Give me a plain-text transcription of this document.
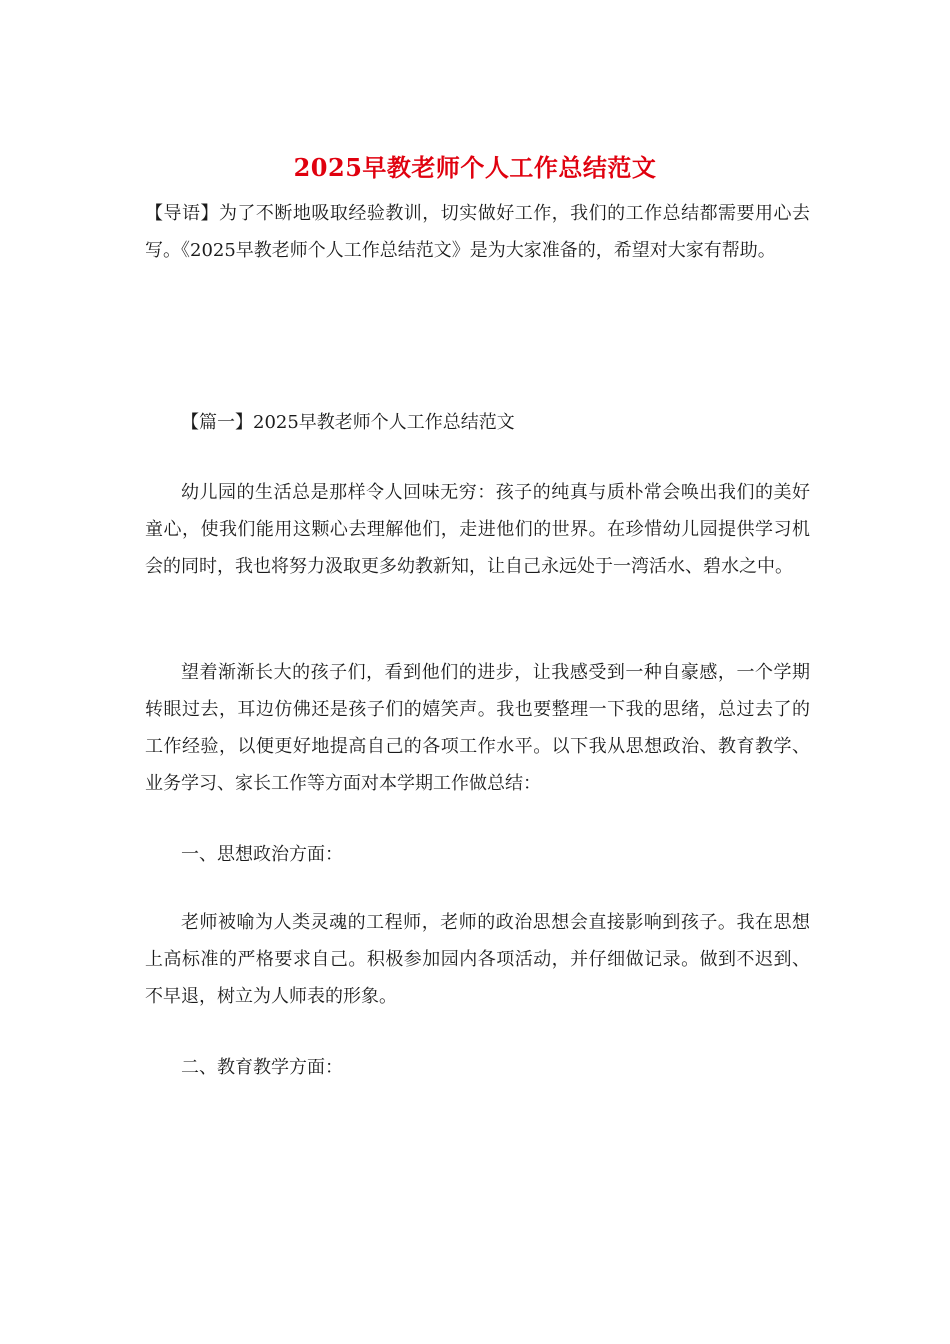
2025早教老师个人工作总结范文
【导语】为了不断地吸取经验教训，切实做好工作，我们的工作总结都需要用心去写。《2025早教老师个人工作总结范文》是为大家准备的，希望对大家有帮助。
【篇一】2025早教老师个人工作总结范文
幼儿园的生活总是那样令人回味无穷：孩子的纯真与质朴常会唤出我们的美好童心，使我们能用这颗心去理解他们，走进他们的世界。在珍惜幼儿园提供学习机会的同时，我也将努力汲取更多幼教新知，让自己永远处于一湾活水、碧水之中。
望着渐渐长大的孩子们，看到他们的进步，让我感受到一种自豪感，一个学期转眼过去，耳边仿佛还是孩子们的嬉笑声。我也要整理一下我的思绪，总过去了的工作经验，以便更好地提高自己的各项工作水平。以下我从思想政治、教育教学、业务学习、家长工作等方面对本学期工作做总结：
一、思想政治方面：
老师被喻为人类灵魂的工程师，老师的政治思想会直接影响到孩子。我在思想上高标准的严格要求自己。积极参加园内各项活动，并仔细做记录。做到不迟到、不早退，树立为人师表的形象。
二、教育教学方面：
